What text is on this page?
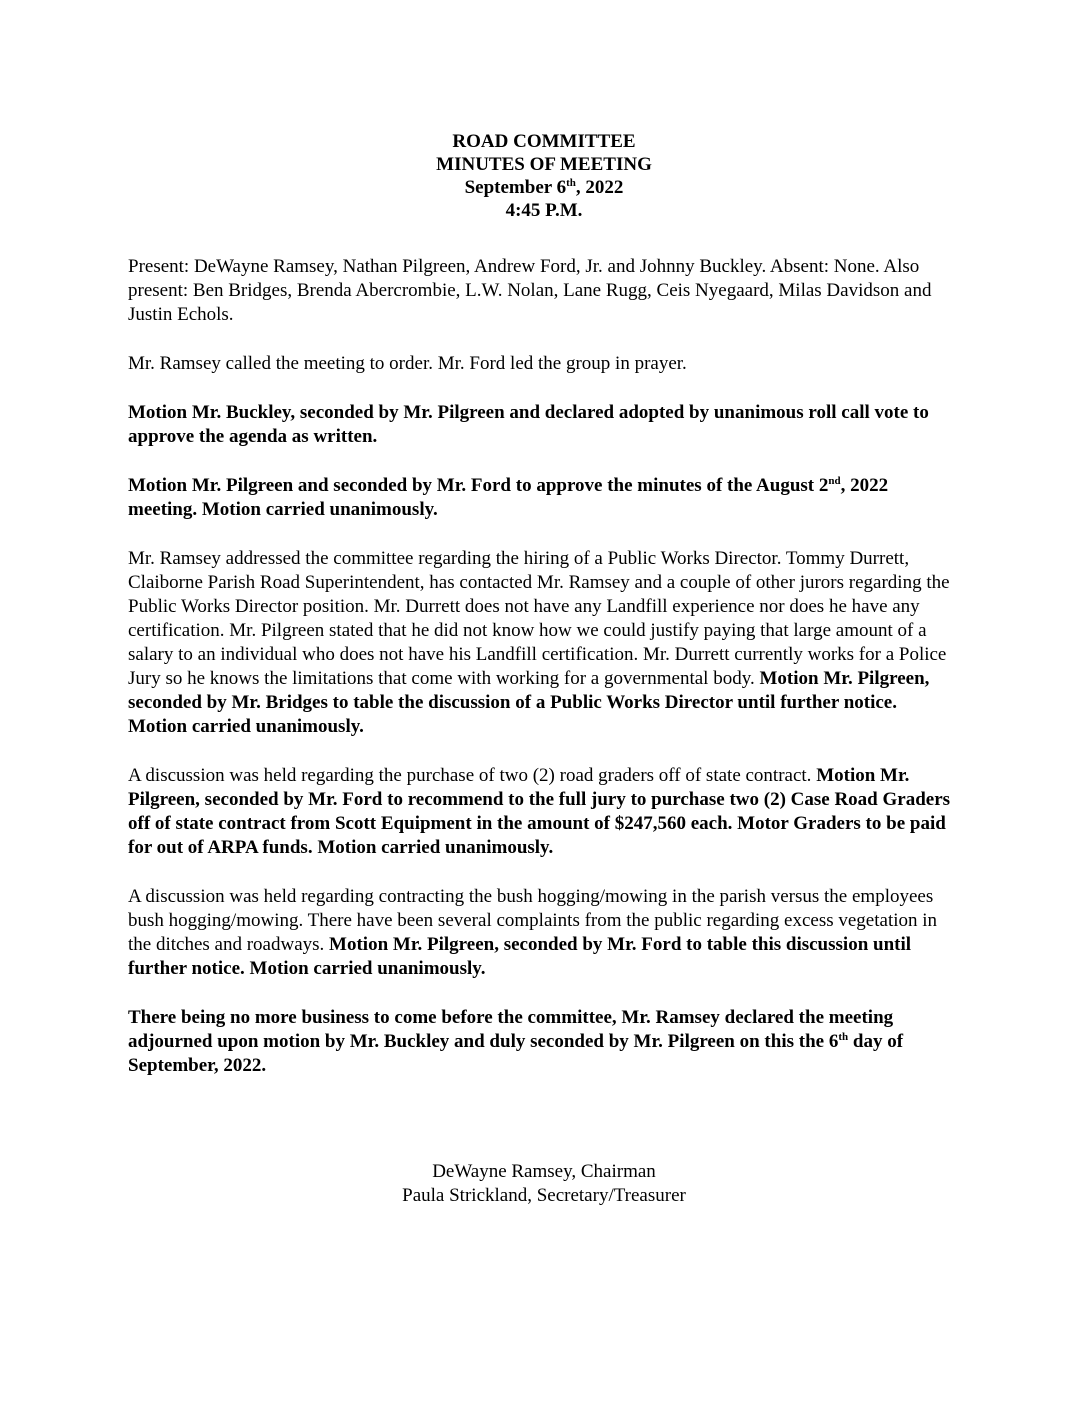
ROAD COMMITTEE
MINUTES OF MEETING
September 6th, 2022
4:45 P.M.

Present: DeWayne Ramsey, Nathan Pilgreen, Andrew Ford, Jr. and Johnny Buckley. Absent: None. Also present: Ben Bridges, Brenda Abercrombie, L.W. Nolan, Lane Rugg, Ceis Nyegaard, Milas Davidson and Justin Echols.

Mr. Ramsey called the meeting to order. Mr. Ford led the group in prayer.

Motion Mr. Buckley, seconded by Mr. Pilgreen and declared adopted by unanimous roll call vote to approve the agenda as written.

Motion Mr. Pilgreen and seconded by Mr. Ford to approve the minutes of the August 2nd, 2022 meeting. Motion carried unanimously.

Mr. Ramsey addressed the committee regarding the hiring of a Public Works Director. Tommy Durrett, Claiborne Parish Road Superintendent, has contacted Mr. Ramsey and a couple of other jurors regarding the Public Works Director position. Mr. Durrett does not have any Landfill experience nor does he have any certification. Mr. Pilgreen stated that he did not know how we could justify paying that large amount of a salary to an individual who does not have his Landfill certification. Mr. Durrett currently works for a Police Jury so he knows the limitations that come with working for a governmental body. Motion Mr. Pilgreen, seconded by Mr. Bridges to table the discussion of a Public Works Director until further notice. Motion carried unanimously.

A discussion was held regarding the purchase of two (2) road graders off of state contract. Motion Mr. Pilgreen, seconded by Mr. Ford to recommend to the full jury to purchase two (2) Case Road Graders off of state contract from Scott Equipment in the amount of $247,560 each. Motor Graders to be paid for out of ARPA funds. Motion carried unanimously.

A discussion was held regarding contracting the bush hogging/mowing in the parish versus the employees bush hogging/mowing. There have been several complaints from the public regarding excess vegetation in the ditches and roadways. Motion Mr. Pilgreen, seconded by Mr. Ford to table this discussion until further notice. Motion carried unanimously.

There being no more business to come before the committee, Mr. Ramsey declared the meeting adjourned upon motion by Mr. Buckley and duly seconded by Mr. Pilgreen on this the 6th day of September, 2022.

DeWayne Ramsey, Chairman
Paula Strickland, Secretary/Treasurer
